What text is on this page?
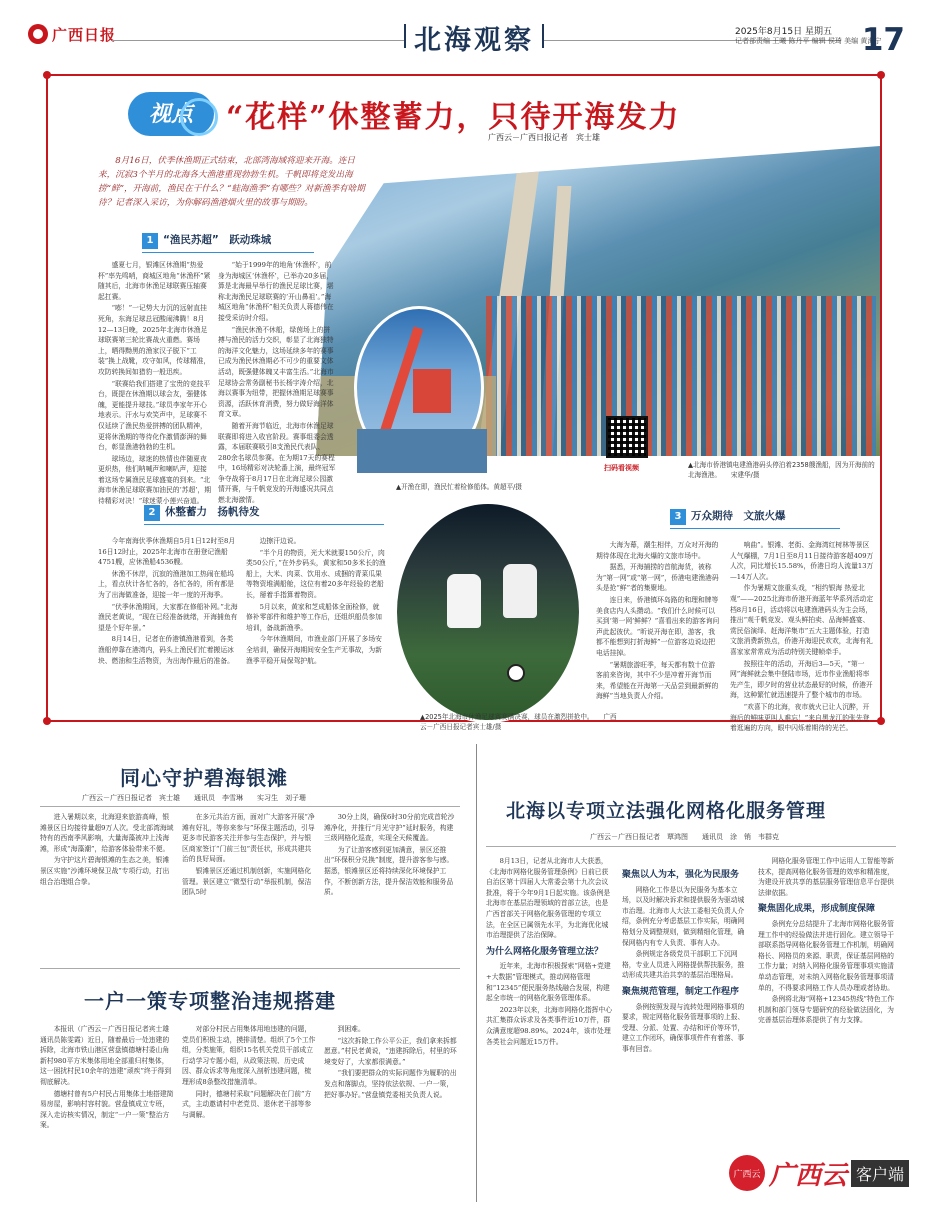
广西日报	北海观察	2025年8月15日 星期五
记者部责编 王曦 陈丹平 编辑 侯琦 美编 黄海宁
17
视点	“花样”休整蓄力，只待开海发力
广西云－广西日报记者　宾士雄
8月16日，伏季休渔期正式结束，北部湾海域将迎来开海。连日来，沉寂3个半月的北海各大渔港重现勃勃生机。千帆即将竞发出海捞“鲜”，开海前，渔民在干什么？“蛙海渔季”有哪些？对新渔季有啥期待？记者深入采访，为你解码渔港烟火里的故事与期盼。
扫码看视频
▲开渔在即，渔民忙着检修船体。黄超平/摄
▲北海市侨港镇电建渔港码头停泊着2358艘渔船，因为开海前的北海渔港。　　宋建华/摄
▲2025年北海市休渔足球赛赛满决赛，球员在激烈拼抢中。　　广西云－广西日报记者宾士雄/摄
1 “渔民苏超”　跃动珠城

盛夏七月，银滩区休渔期“热爱杯”率先鸣哨，商城区地角“休渔杯”紧随其后，北海市休渔足球联赛压轴赛起扛赛。

“嘭！”一记势大力沉的远射直挂死角，东海足球总冠酸闹沸腾！8月12—13日晚，2025年北海市休渔足球联赛第三轮比赛战火重燃。赛场上，晒得黝黑的渔家汉子脱下“工装”换上战靴，攻守如风，传球精准，攻防转换间如猎豹一般迅疾。

“联赛给我们搭建了宝贵的竞技平台，既提在休渔期以球会友，强健体魄，更能提升球技。”球员李家年开心地表示。汗水与欢笑声中，足球赛不仅延续了渔民热爱拼搏的团队精神，更将休渔期的等待化作激情澎湃的舞台，彰显渔港勃勃的生机。

球场边，球迷的热情也伴随夏夜更炽热，他们呐喊声和喇叭声，迎接着这场专属渔民足球盛宴的到来。“北海市休渔足球联赛加油民的‘苏超’，期待精彩对决！”球迷蒙小莲兴奋道。

“始于1999年的地角‘休渔杯’，前身为海城区‘休渔杯’，已举办20多届，算是北海最早举行的渔民足球比赛，堪称北海渔民足球联赛的‘开山鼻祖’。”海城区地角“休渔杯”相关负责人蒋德伟在接受采访时介绍。

“渔民休渔不休船，绿茵场上的拼搏与渔民的活力交织，彰显了北海独特的海洋文化魅力，这场延续多年的赛事已成为渔民休渔期必不可少的重要文体活动，既强健体魄又丰富生活。”北海市足球协会常务副秘书长杨宇涛介绍，北海以赛事为纽带，把握休渔期足球赛事资源，活跃休育消费，努力做好海洋体育文章。

随着开海节临近，北海市休渔足球联赛即将进入收官阶段。赛事组委会透露，本届联赛吸引8支渔民代表队、280余名球员参赛。在为期17天的赛程中，16场精彩对决轮番上演，最终冠军争夺战将于8月17日在北海足球公园激情开赛，与千帆竞发的开海盛况共同点燃北海激情。

2 休整蓄力　扬帆待发

今年南海伏季休渔期自5月1日12时至8月16日12时止，2025年北海市在册登记渔船4751艘，应休渔船4536艘。

休渔不休岸，沉寂的渔港加工热闹在船坞上，看点伙计各忙各的，各忙各的，所有都是为了出海做准备，迎接一年一度的开海季。

“伏季休渔期间，大家都在修船补网。”北海渔民老黄说，“现在已经准备就绪，开海捕鱼有望是个好年景。”

8月14日，记者在侨港镇渔港看到，各类渔船停靠在港湾内，码头上渔民们忙着搬运冰块、燃油和生活物资，为出海作最后的准备。

边擦汗边说。

“半个月的物资，光大米就要150公斤，肉类50公斤，”在外步码头，黄家和50多米长的渔船上，大米、肉菜、饮用水、成捆的青菜瓜果等物资堆满船舱，这位有着20多年经验的老船长，掰着手指算着物资。

5月以来，黄家和芝成船体全面检修，就修补零部件和维护等工作后，还组织船员参加培训，备战新渔季。

今年休渔期间，市渔业部门开展了多场安全培训，确保开海期间安全生产无事故，为新渔季平稳开局保驾护航。

3 万众期待　文旅火爆

大海为幕，潮生相伴，万众对开海的期待体现在北海火爆的文旅市场中。

据悉，开海捕捞的首航海货，被称为“第一网”或“第一网”，侨港电建渔港码头是抢“鲜”者的集聚地。

连日来，侨港镇环岛路的和理和牌等美食店内人头攒动。“我们什么时候可以买到‘第一网’鲜鲜？”喜看出来的游客询问声此起彼伏。“昕说开海在即，游客，我都不能想到打折海鲜”一位游客边说边把电话挂掉。

“暑期旅游旺季，每天都有数十位游客前来咨询，其中不少是冲着开海节而来，希望能在开海第一天品尝到最新鲜的海鲜”当地负责人介绍。

响曲”。银滩、老街、金海湾红树林等景区人气爆棚，7月1日至8月11日接待游客超409万人次，同比增长15.58%，侨港日均人流量13万—14万人次。

作为暑期文旅重头戏，“相约银海 热爱北观”——2025北海市侨港开海蓝年华系列活动定档8月16日，活动将以电建渔港码头为主会场，推出“观千帆竞发、观头鲜拍卖、品海鲜盛宴、赏民俗演绎、赶海洋集市”五大主题体验，打造文旅消费新热点，侨港开海迎民欢欢，北海有礼喜家家常常成为活动特别关键帧牵手。

按照往年的活动，开海后3—5天，“第一网”海鲜就会集中登陆市场，近市作业渔船将率先产生，即夕时的营业状态最好的时候，侨港开海，这种繁忙就迅速提升了整个城市的市场。

“欢喜下的北海，夜市就火已让人沉醉，开海后的鲜味更叫人难忘！”来自黑龙江的张先登着逛遍的方向，眼中闪烁着期待的光芒。

同心守护碧海银滩
广西云－广西日报记者　宾士雄　　通讯员　李雪琳　　实习生　刘子珊

进入暑期以来，北海迎来旅游高峰，银滩景区日均接待量超9万人次。受北部湾海域特有的西南季风影响，大量海藻被冲上浅海滩，形成“海藻潮”，给游客体验带来不便。

为守护这片碧海银滩的生态之美，银滩景区实施“沙滩环境保卫战”专项行动，打出组合治理组合拳。

在多元共治方面，面对广大游客开展“净滩有好礼，等你来参与”环保主题活动，引导更多市民游客关注并参与生态保护，并与银区商家签订“门前三包”责任状，形成共建共治的良好局面。

银滩景区还通过机制创新，实施网格化管理。景区建立“微型行动”举报机制，保洁团队5时

30分上岗，确保6时30分前完成首轮沙滩净化，并推行“月光守护”延时服务，构建三级网格化巡查，实现全天候覆盖。

为了让游客感到更加满意，景区还推出“环保积分兑换”制度，提升游客参与感。据悉，银滩景区还将持续深化环境保护工作，不断创新方法，提升保洁效能和服务品质。

一户一策专项整治违规搭建

本报讯（广西云－广西日报记者宾士雄　通讯员陈雯霞）近日，随着最后一处违建的拆除，北海市铁山港区营盘镇德塘村委山角新村980平方米集体用地全部重归村集体，这一困扰村民10余年的违建“顽疾”终于得到彻底解决。

德塘村曾有5户村民占用集体土地搭建简易房屋，影响村容村貌。营盘镇成立专班，深入走访核实情况，制定“一户一策”整治方案。

对部分村民占用集体用地违建的问题，党员们积极主动，摸排清楚。组织了5个工作组，分类施策，组织15名机关党员干部成立行动学习专题小组，从政策法规、历史成因、群众诉求等角度深入剖析违建问题，梳理形成8条整改措施清单。

同时，德塘村采取“问题解决在门前”方式，主动邀请村中老党员、退休老干部等参与调解。

到困难。

“这次拆除工作公平公正，我们拿来拆都愿意。”村民老黄说，“违建拆除后，村里的环境变好了，大家都很满意。”

“我们要把群众的实际问题作为履职的出发点和落脚点，坚持依法依规、一户一策，把好事办好。”营盘镇党委相关负责人说。

北海以专项立法强化网格化服务管理
广西云－广西日报记者　覃鸿图　　通讯员　涂　销　韦群克

8月13日，记者从北海市人大获悉，《北海市网格化服务管理条例》日前已获自治区第十四届人大常委会第十九次会议批准，将于今年9月1日起实施。该条例是北海市在基层治理领域的首部立法，也是广西首部关于网格化服务管理的专项立法，在全区已属领先水平，为北海优化城市治理提供了法治保障。

为什么网格化服务管理立法？

近年来，北海市积极探索“网格+党建+大数据”管理模式，推动网格管理和“12345”便民服务热线融合发展，构建起全市统一的网格化服务管理体系。

2023年以来，北海市网格化指挥中心共汇集群众诉求及各类事件近10万件，群众满意度超98.89%。2024年，该市处理各类社会问题近15万件。

聚焦以人为本，强化为民服务

网格化工作是以为民服务为基本立场，以及时解决诉求和提供服务为驱动城市治理。北海市人大法工委相关负责人介绍，条例充分考虑基层工作实际，明确网格划分及调整规则，做到精细化管理，确保网格内有专人负责、事有人办。

条例规定各级党员干部职工下沉网格，专业人员进入网格提供帮扶服务，推动形成共建共治共享的基层治理格局。

聚焦规范管理，制定工作程序

条例按照发现与流转处理网格事项的要求，规定网格化服务管理事项的上报、受理、分派、处置、办结和评价等环节，建立工作闭环，确保事项件件有着落、事事有回音。

网格化服务管理工作中运用人工智能等新技术，提高网格化服务管理的效率和精准度，为建设开放共享的基层服务管理信息平台提供法律依据。

聚焦固化成果，形成制度保障

条例充分总结提升了北海市网格化服务管理工作中的经验做法并进行固化。建立领导干部联系指导网格化服务管理工作机制，明确网格长、网格员的来源、职责，保证基层网格的工作力量；对纳入网格化服务管理事项实施清单动态管理，对未纳入网格化服务管理事项清单的，不得要求网格工作人员办理或者协助。

条例将北海“网格+12345热线”特色工作机制和部门领导专题研究的经验做法固化，为完善基层治理体系提供了有力支撑。

广西云 广西云 客户端
